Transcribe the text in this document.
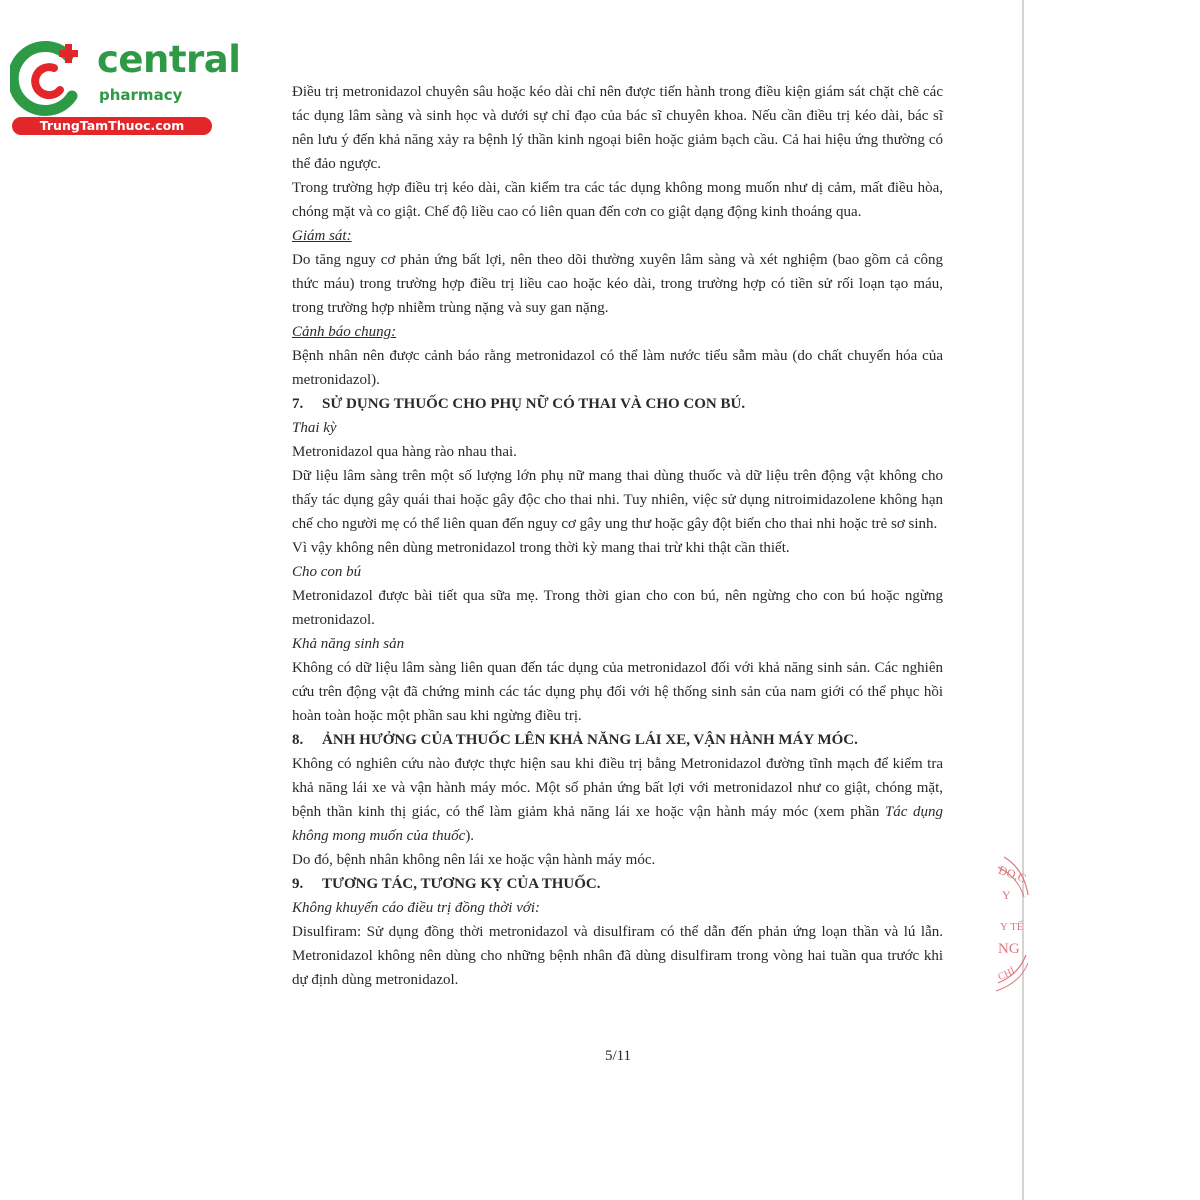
central
pharmacy
TrungTamThuoc.com

Điều trị metronidazol chuyên sâu hoặc kéo dài chỉ nên được tiến hành trong điều kiện giám sát chặt chẽ các tác dụng lâm sàng và sinh học và dưới sự chỉ đạo của bác sĩ chuyên khoa. Nếu cần điều trị kéo dài, bác sĩ nên lưu ý đến khả năng xảy ra bệnh lý thần kinh ngoại biên hoặc giảm bạch cầu. Cả hai hiệu ứng thường có thể đảo ngược.

Trong trường hợp điều trị kéo dài, cần kiểm tra các tác dụng không mong muốn như dị cảm, mất điều hòa, chóng mặt và co giật. Chế độ liều cao có liên quan đến cơn co giật dạng động kinh thoáng qua.

Giám sát:

Do tăng nguy cơ phản ứng bất lợi, nên theo dõi thường xuyên lâm sàng và xét nghiệm (bao gồm cả công thức máu) trong trường hợp điều trị liều cao hoặc kéo dài, trong trường hợp có tiền sử rối loạn tạo máu, trong trường hợp nhiễm trùng nặng và suy gan nặng.

Cảnh báo chung:

Bệnh nhân nên được cảnh báo rằng metronidazol có thể làm nước tiểu sẫm màu (do chất chuyển hóa của metronidazol).

7. SỬ DỤNG THUỐC CHO PHỤ NỮ CÓ THAI VÀ CHO CON BÚ.

Thai kỳ

Metronidazol qua hàng rào nhau thai.

Dữ liệu lâm sàng trên một số lượng lớn phụ nữ mang thai dùng thuốc và dữ liệu trên động vật không cho thấy tác dụng gây quái thai hoặc gây độc cho thai nhi. Tuy nhiên, việc sử dụng nitroimidazolene không hạn chế cho người mẹ có thể liên quan đến nguy cơ gây ung thư hoặc gây đột biến cho thai nhi hoặc trẻ sơ sinh.

Vì vậy không nên dùng metronidazol trong thời kỳ mang thai trừ khi thật cần thiết.

Cho con bú

Metronidazol được bài tiết qua sữa mẹ. Trong thời gian cho con bú, nên ngừng cho con bú hoặc ngừng metronidazol.

Khả năng sinh sản

Không có dữ liệu lâm sàng liên quan đến tác dụng của metronidazol đối với khả năng sinh sản. Các nghiên cứu trên động vật đã chứng minh các tác dụng phụ đối với hệ thống sinh sản của nam giới có thể phục hồi hoàn toàn hoặc một phần sau khi ngừng điều trị.

8. ẢNH HƯỞNG CỦA THUỐC LÊN KHẢ NĂNG LÁI XE, VẬN HÀNH MÁY MÓC.

Không có nghiên cứu nào được thực hiện sau khi điều trị bằng Metronidazol đường tĩnh mạch để kiểm tra khả năng lái xe và vận hành máy móc. Một số phản ứng bất lợi với metronidazol như co giật, chóng mặt, bệnh thần kinh thị giác, có thể làm giảm khả năng lái xe hoặc vận hành máy móc (xem phần Tác dụng không mong muốn của thuốc).

Do đó, bệnh nhân không nên lái xe hoặc vận hành máy móc.

9. TƯƠNG TÁC, TƯƠNG KỴ CỦA THUỐC.

Không khuyến cáo điều trị đồng thời với:

Disulfiram: Sử dụng đồng thời metronidazol và disulfiram có thể dẫn đến phản ứng loạn thần và lú lẫn. Metronidazol không nên dùng cho những bệnh nhân đã dùng disulfiram trong vòng hai tuần qua trước khi dự định dùng metronidazol.

5/11
ĐO.C
Y
Y TẾ
NG
CHỈ
